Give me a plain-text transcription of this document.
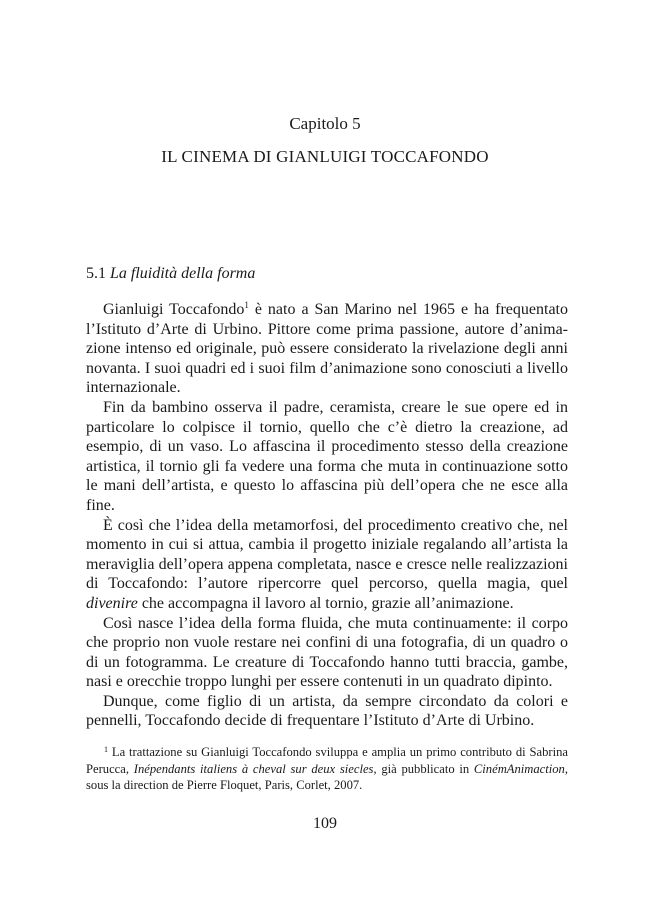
Capitolo 5
IL CINEMA DI GIANLUIGI TOCCAFONDO
5.1 La fluidità della forma

Gianluigi Toccafondo$^1$ è nato a San Marino nel 1965 e ha frequentato l’Istituto d’Arte di Urbino. Pittore come prima passione, autore d’animazione intenso ed originale, può essere considerato la rivelazione degli anni novanta. I suoi quadri ed i suoi film d’animazione sono conosciuti a livello internazionale.

Fin da bambino osserva il padre, ceramista, creare le sue opere ed in particolare lo colpisce il tornio, quello che c’è dietro la creazione, ad esempio, di un vaso. Lo affascina il procedimento stesso della creazione artistica, il tornio gli fa vedere una forma che muta in continuazione sotto le mani dell’artista, e questo lo affascina più dell’opera che ne esce alla fine.

È così che l’idea della metamorfosi, del procedimento creativo che, nel momento in cui si attua, cambia il progetto iniziale regalando all’artista la meraviglia dell’opera appena completata, nasce e cresce nelle realizzazioni di Toccafondo: l’autore ripercorre quel percorso, quella magia, quel divenire che accompagna il lavoro al tornio, grazie all’animazione.

Così nasce l’idea della forma fluida, che muta continuamente: il corpo che proprio non vuole restare nei confini di una fotografia, di un quadro o di un fotogramma. Le creature di Toccafondo hanno tutti braccia, gambe, nasi e orecchie troppo lunghi per essere contenuti in un quadrato dipinto.

Dunque, come figlio di un artista, da sempre circondato da colori e pennelli, Toccafondo decide di frequentare l’Istituto d’Arte di Urbino.

$^1$ La trattazione su Gianluigi Toccafondo sviluppa e amplia un primo contributo di Sabrina Perucca, Inépendants italiens à cheval sur deux siecles, già pubblicato in CinémAnimaction, sous la direction de Pierre Floquet, Paris, Corlet, 2007.
109
